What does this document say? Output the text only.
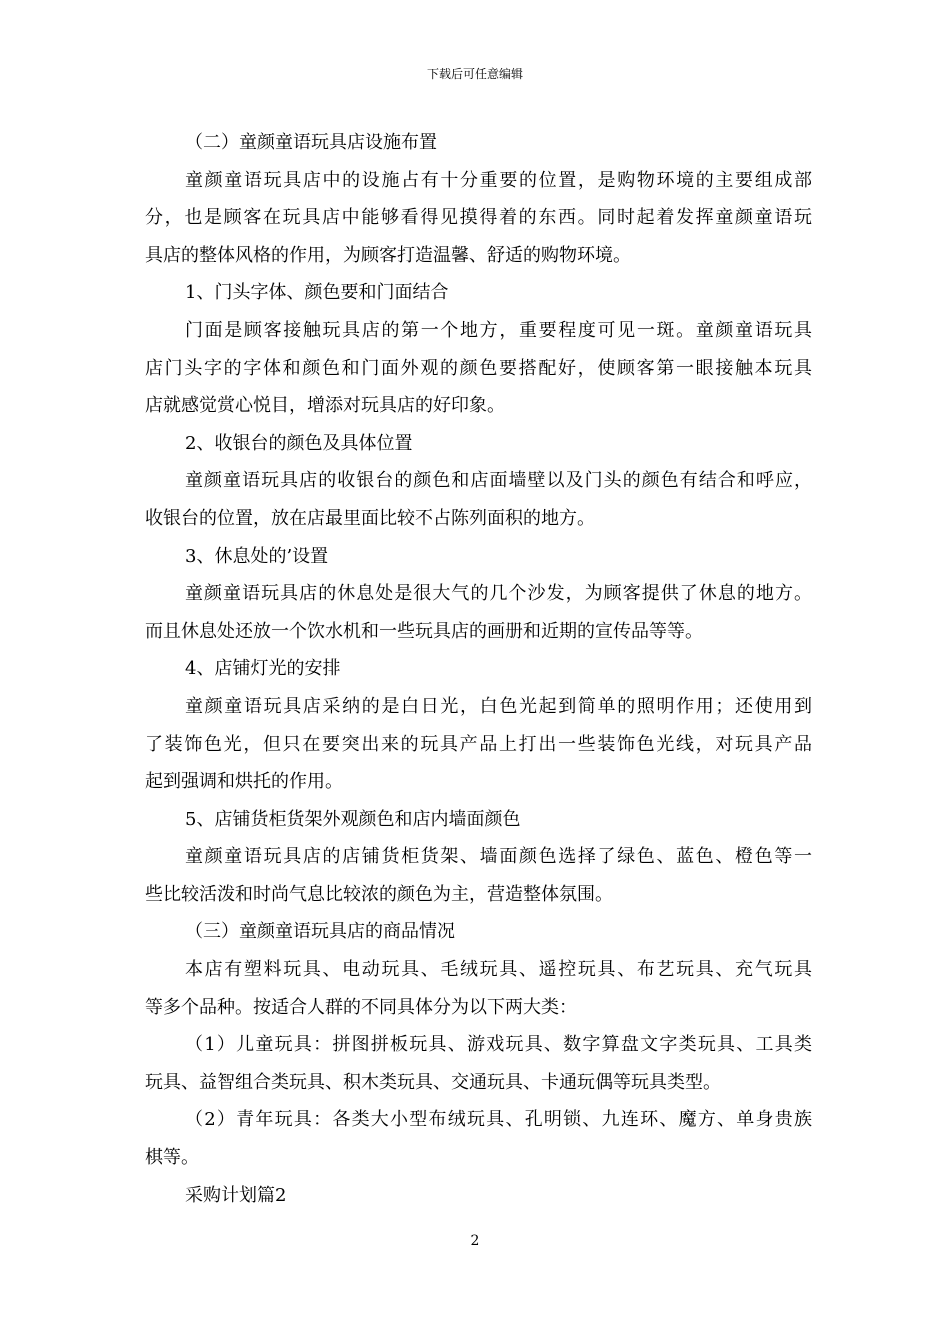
下载后可任意编辑
（二）童颜童语玩具店设施布置
童颜童语玩具店中的设施占有十分重要的位置，是购物环境的主要组成部
分，也是顾客在玩具店中能够看得见摸得着的东西。同时起着发挥童颜童语玩
具店的整体风格的作用，为顾客打造温馨、舒适的购物环境。
1、门头字体、颜色要和门面结合
门面是顾客接触玩具店的第一个地方，重要程度可见一斑。童颜童语玩具
店门头字的字体和颜色和门面外观的颜色要搭配好，使顾客第一眼接触本玩具
店就感觉赏心悦目，增添对玩具店的好印象。
2、收银台的颜色及具体位置
童颜童语玩具店的收银台的颜色和店面墙壁以及门头的颜色有结合和呼应，
收银台的位置，放在店最里面比较不占陈列面积的地方。
3、休息处的’设置
童颜童语玩具店的休息处是很大气的几个沙发，为顾客提供了休息的地方。
而且休息处还放一个饮水机和一些玩具店的画册和近期的宣传品等等。
4、店铺灯光的安排
童颜童语玩具店采纳的是白日光，白色光起到简单的照明作用；还使用到
了装饰色光，但只在要突出来的玩具产品上打出一些装饰色光线，对玩具产品
起到强调和烘托的作用。
5、店铺货柜货架外观颜色和店内墙面颜色
童颜童语玩具店的店铺货柜货架、墙面颜色选择了绿色、蓝色、橙色等一
些比较活泼和时尚气息比较浓的颜色为主，营造整体氛围。
（三）童颜童语玩具店的商品情况
本店有塑料玩具、电动玩具、毛绒玩具、遥控玩具、布艺玩具、充气玩具
等多个品种。按适合人群的不同具体分为以下两大类：
（1）儿童玩具：拼图拼板玩具、游戏玩具、数字算盘文字类玩具、工具类
玩具、益智组合类玩具、积木类玩具、交通玩具、卡通玩偶等玩具类型。
（2）青年玩具：各类大小型布绒玩具、孔明锁、九连环、魔方、单身贵族
棋等。
采购计划篇2
2
